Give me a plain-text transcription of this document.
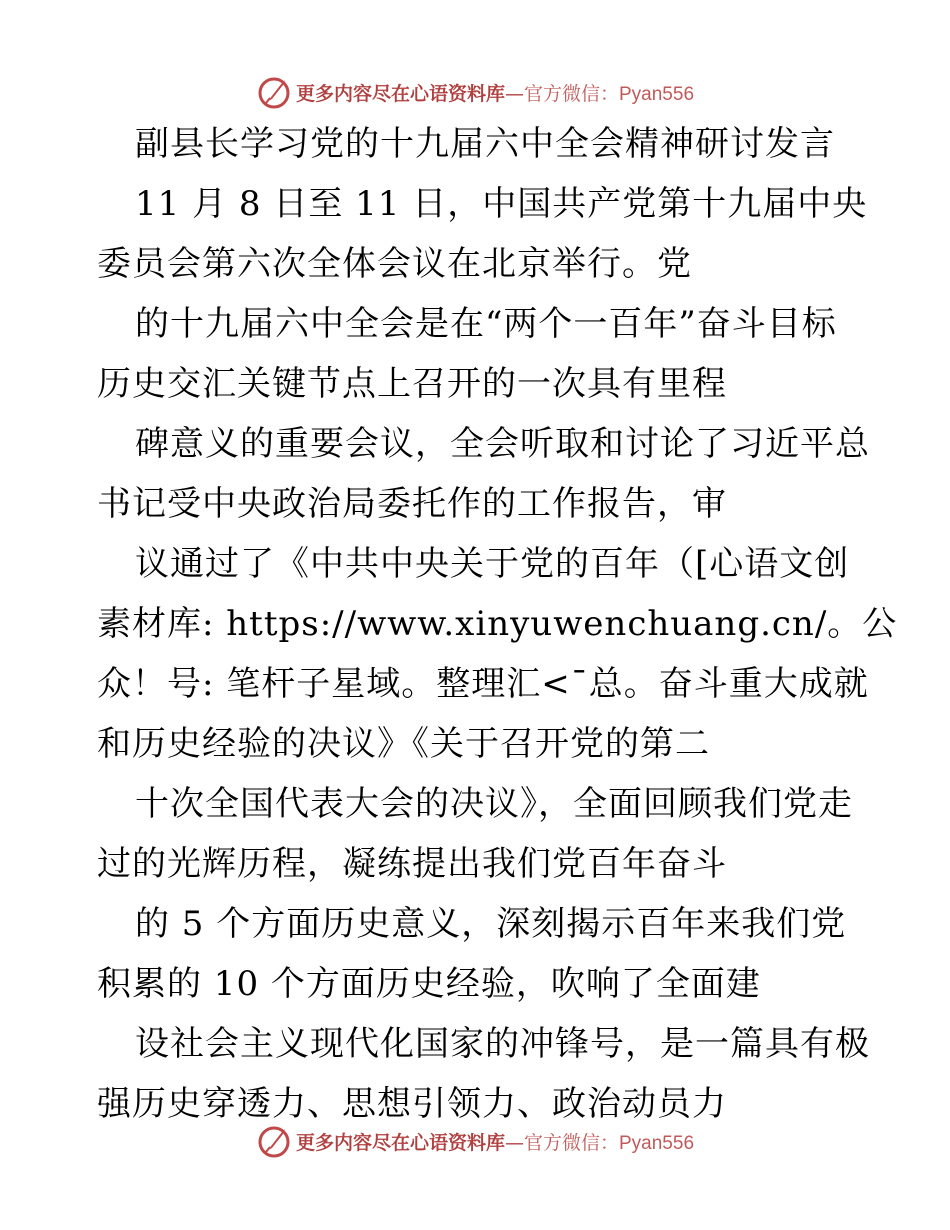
更多内容尽在心语资料库—官方微信：Pyan556
副县长学习党的十九届六中全会精神研讨发言
11 月 8 日至 11 日，中国共产党第十九届中央
委员会第六次全体会议在北京举行。党
的十九届六中全会是在“两个一百年”奋斗目标
历史交汇关键节点上召开的一次具有里程
碑意义的重要会议，全会听取和讨论了习近平总
书记受中央政治局委托作的工作报告，审
议通过了《中共中央关于党的百年（[心语文创
素材库: https://www.xinyuwenchuang.cn/。公
众！号: 笔杆子星域。整理汇<¯总。奋斗重大成就
和历史经验的决议》《关于召开党的第二
十次全国代表大会的决议》，全面回顾我们党走
过的光辉历程，凝练提出我们党百年奋斗
的 5 个方面历史意义，深刻揭示百年来我们党
积累的 10 个方面历史经验，吹响了全面建
设社会主义现代化国家的冲锋号，是一篇具有极
强历史穿透力、思想引领力、政治动员力
更多内容尽在心语资料库—官方微信：Pyan556
